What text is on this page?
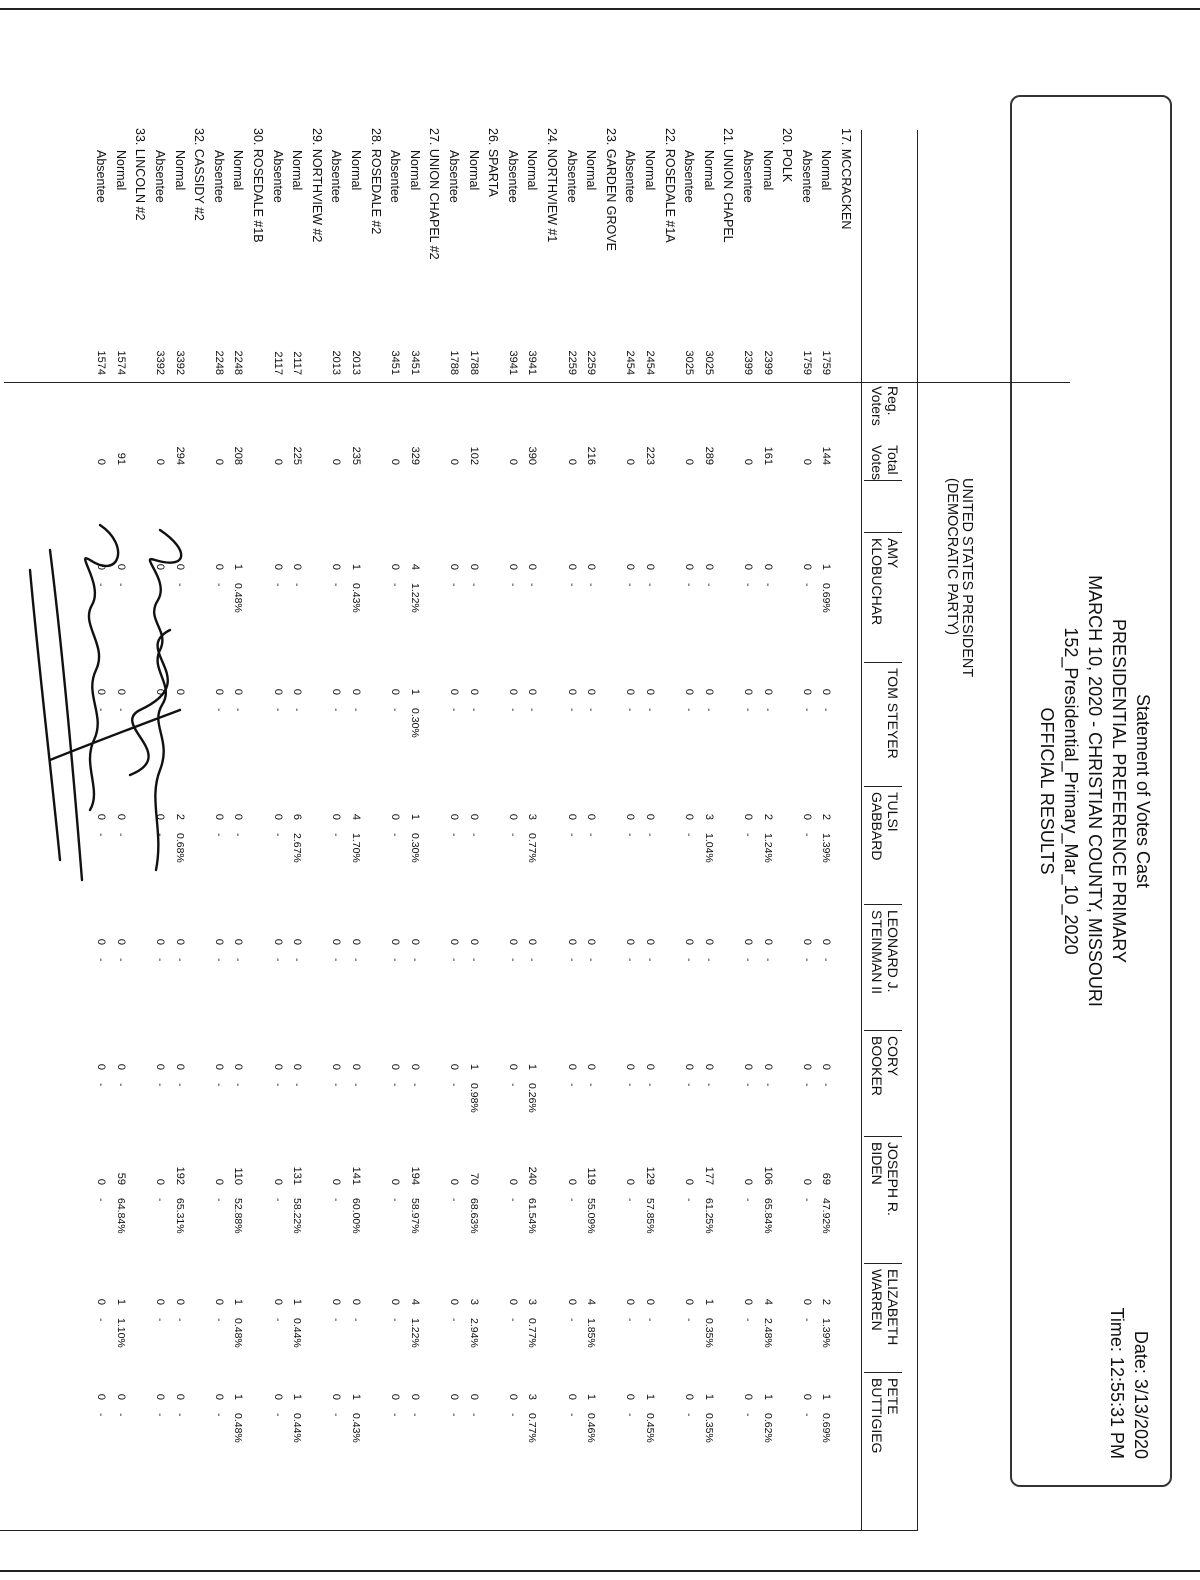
Statement of Votes Cast
PRESIDENTIAL PREFERENCE PRIMARY
MARCH 10, 2020 - CHRISTIAN COUNTY, MISSOURI
152_Presidential_Primary_Mar_10_2020
OFFICIAL RESULTS
Date: 3/13/2020
Time: 12:55:31 PM
UNITED STATES PRESIDENT
(DEMOCRATIC PARTY)
Reg.
Voters
Total
Votes
AMY
KLOBUCHAR
TOM STEYER
TULSI
GABBARD
LEONARD J.
STEINMAN II
CORY
BOOKER
JOSEPH R.
BIDEN
ELIZABETH
WARREN
PETE
BUTTIGIEG
17. MCCRACKEN
Normal
1759
144
1
0.69%
0
-
2
1.39%
0
-
0
-
69
47.92%
2
1.39%
1
0.69%
Absentee
1759
0
0
-
0
-
0
-
0
-
0
-
0
-
0
-
0
-
20. POLK
Normal
2399
161
0
-
0
-
2
1.24%
0
-
0
-
106
65.84%
4
2.48%
1
0.62%
Absentee
2399
0
0
-
0
-
0
-
0
-
0
-
0
-
0
-
0
-
21. UNION CHAPEL
Normal
3025
289
0
-
0
-
3
1.04%
0
-
0
-
177
61.25%
1
0.35%
1
0.35%
Absentee
3025
0
0
-
0
-
0
-
0
-
0
-
0
-
0
-
0
-
22. ROSEDALE #1A
Normal
2454
223
0
-
0
-
0
-
0
-
0
-
129
57.85%
0
-
1
0.45%
Absentee
2454
0
0
-
0
-
0
-
0
-
0
-
0
-
0
-
0
-
23. GARDEN GROVE
Normal
2259
216
0
-
0
-
0
-
0
-
0
-
119
55.09%
4
1.85%
1
0.46%
Absentee
2259
0
0
-
0
-
0
-
0
-
0
-
0
-
0
-
0
-
24. NORTHVIEW #1
Normal
3941
390
0
-
0
-
3
0.77%
0
-
1
0.26%
240
61.54%
3
0.77%
3
0.77%
Absentee
3941
0
0
-
0
-
0
-
0
-
0
-
0
-
0
-
0
-
26. SPARTA
Normal
1788
102
0
-
0
-
0
-
0
-
1
0.98%
70
68.63%
3
2.94%
0
-
Absentee
1788
0
0
-
0
-
0
-
0
-
0
-
0
-
0
-
0
-
27. UNION CHAPEL #2
Normal
3451
329
4
1.22%
1
0.30%
1
0.30%
0
-
0
-
194
58.97%
4
1.22%
0
-
Absentee
3451
0
0
-
0
-
0
-
0
-
0
-
0
-
0
-
0
-
28. ROSEDALE #2
Normal
2013
235
1
0.43%
0
-
4
1.70%
0
-
0
-
141
60.00%
0
-
1
0.43%
Absentee
2013
0
0
-
0
-
0
-
0
-
0
-
0
-
0
-
0
-
29. NORTHVIEW #2
Normal
2117
225
0
-
0
-
6
2.67%
0
-
0
-
131
58.22%
1
0.44%
1
0.44%
Absentee
2117
0
0
-
0
-
0
-
0
-
0
-
0
-
0
-
0
-
30. ROSEDALE #1B
Normal
2248
208
1
0.48%
0
-
0
-
0
-
0
-
110
52.88%
1
0.48%
1
0.48%
Absentee
2248
0
0
-
0
-
0
-
0
-
0
-
0
-
0
-
0
-
32. CASSIDY #2
Normal
3392
294
0
-
0
-
2
0.68%
0
-
0
-
192
65.31%
0
-
0
-
Absentee
3392
0
0
-
0
-
0
-
0
-
0
-
0
-
0
-
0
-
33. LINCOLN #2
Normal
1574
91
0
-
0
-
0
-
0
-
0
-
59
64.84%
1
1.10%
0
-
Absentee
1574
0
0
-
0
-
0
-
0
-
0
-
0
-
0
-
0
-
